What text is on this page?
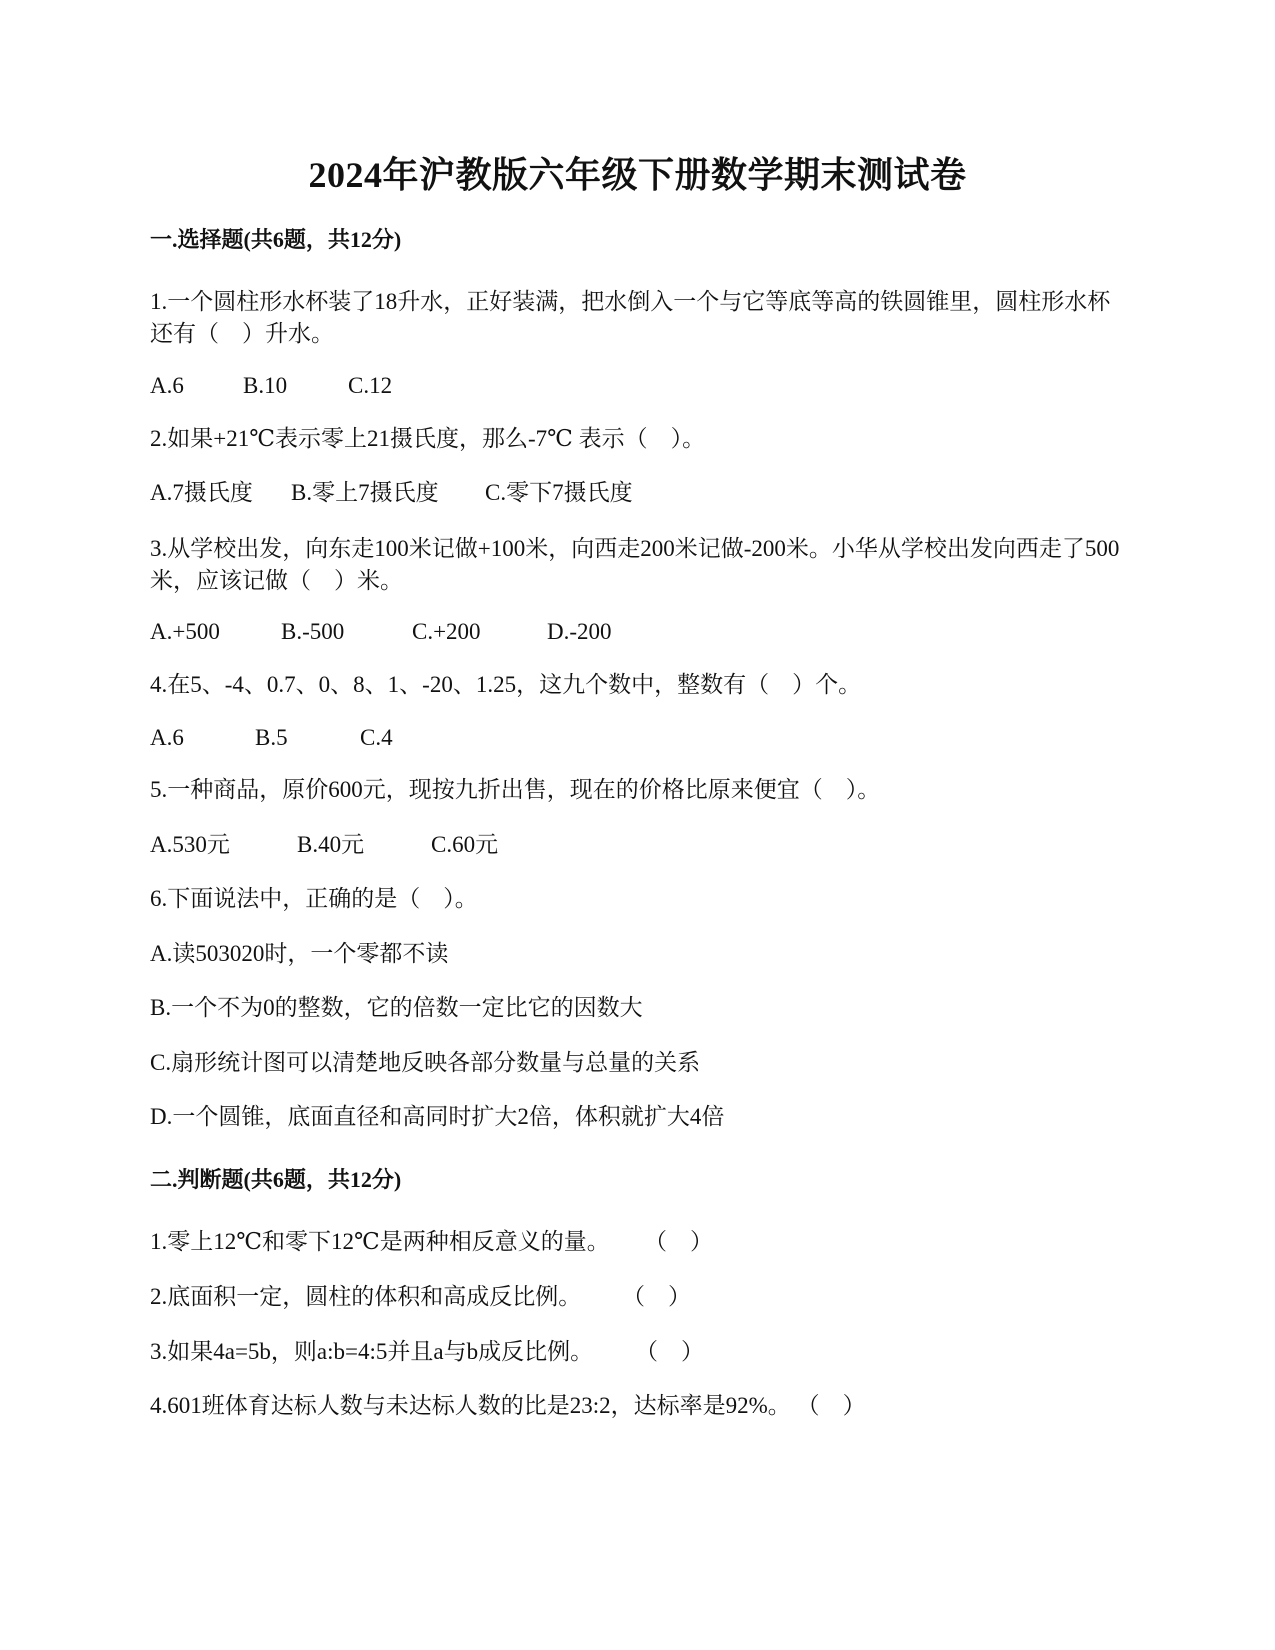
2024年沪教版六年级下册数学期末测试卷
一.选择题(共6题，共12分)
1.一个圆柱形水杯装了18升水，正好装满，把水倒入一个与它等底等高的铁圆锥里，圆柱形水杯还有（　）升水。
A.6	B.10	C.12
2.如果+21℃表示零上21摄氏度，那么-7℃ 表示（　）。
A.7摄氏度 B.零上7摄氏度 C.零下7摄氏度
3.从学校出发，向东走100米记做+100米，向西走200米记做-200米。小华从学校出发向西走了500米，应该记做（　）米。
A.+500	B.-500	C.+200	D.-200
4.在5、-4、0.7、0、8、1、-20、1.25，这九个数中，整数有（　）个。
A.6	B.5	C.4
5.一种商品，原价600元，现按九折出售，现在的价格比原来便宜（　）。
A.530元	B.40元	C.60元
6.下面说法中，正确的是（　）。
A.读503020时，一个零都不读
B.一个不为0的整数，它的倍数一定比它的因数大
C.扇形统计图可以清楚地反映各部分数量与总量的关系
D.一个圆锥，底面直径和高同时扩大2倍，体积就扩大4倍
二.判断题(共6题，共12分)
1.零上12℃和零下12℃是两种相反意义的量。 （　）
2.底面积一定，圆柱的体积和高成反比例。 （　）
3.如果4a=5b，则a:b=4:5并且a与b成反比例。 （　）
4.601班体育达标人数与未达标人数的比是23:2，达标率是92%。 （　）
